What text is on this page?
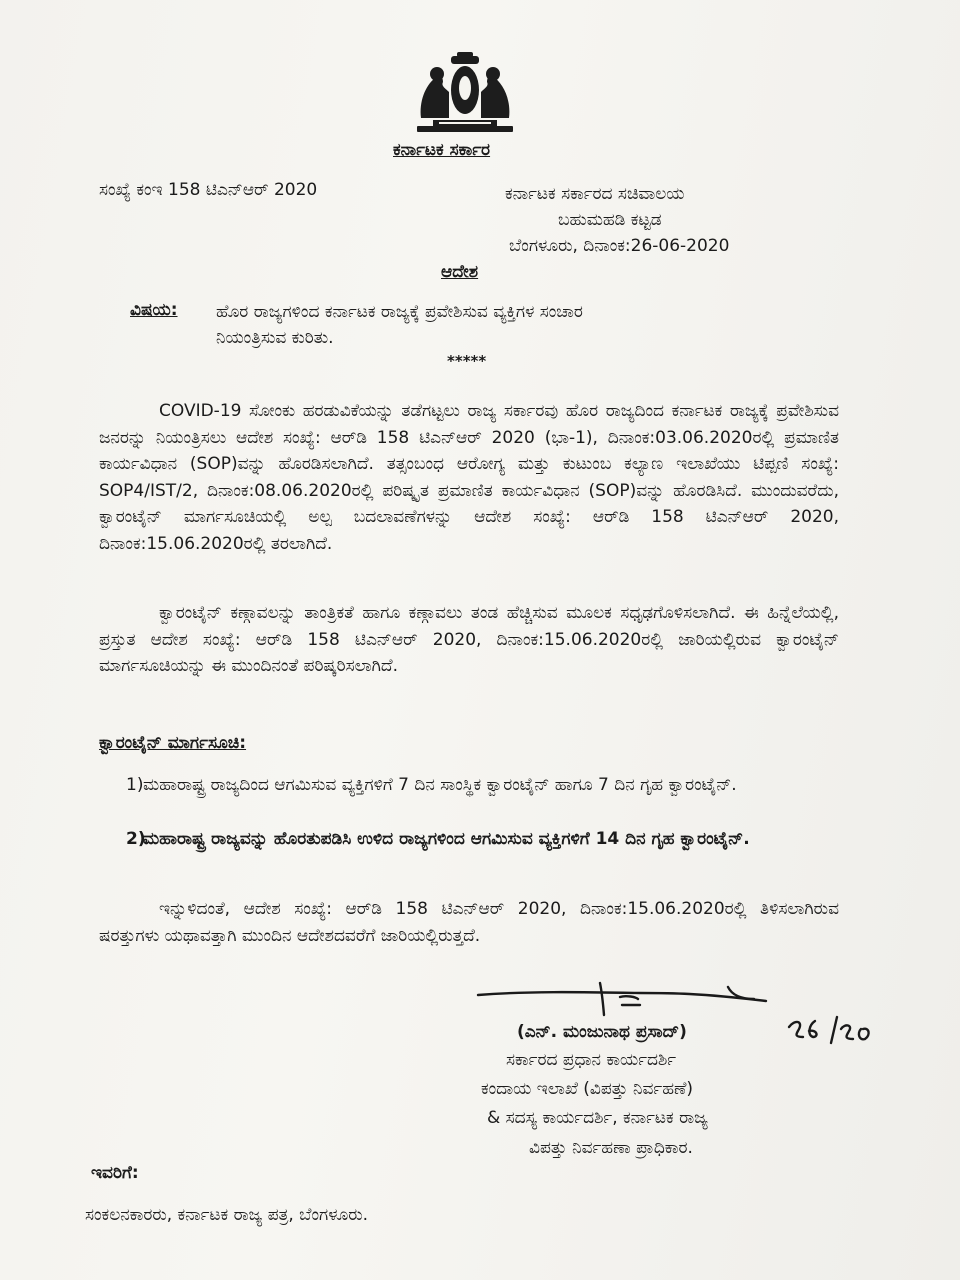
ಕರ್ನಾಟಕ ಸರ್ಕಾರ
ಸಂಖ್ಯೆ ಕಂಇ 158 ಟಿಎನ್‌ಆರ್ 2020	ಕರ್ನಾಟಕ ಸರ್ಕಾರದ ಸಚಿವಾಲಯ
ಬಹುಮಹಡಿ ಕಟ್ಟಡ
ಬೆಂಗಳೂರು, ದಿನಾಂಕ:26-06-2020
ಆದೇಶ
ವಿಷಯ: ಹೊರ ರಾಜ್ಯಗಳಿಂದ ಕರ್ನಾಟಕ ರಾಜ್ಯಕ್ಕೆ ಪ್ರವೇಶಿಸುವ ವ್ಯಕ್ತಿಗಳ ಸಂಚಾರ
ನಿಯಂತ್ರಿಸುವ ಕುರಿತು.
*****

COVID-19 ಸೋಂಕು ಹರಡುವಿಕೆಯನ್ನು ತಡೆಗಟ್ಟಲು ರಾಜ್ಯ ಸರ್ಕಾರವು ಹೊರ ರಾಜ್ಯದಿಂದ ಕರ್ನಾಟಕ ರಾಜ್ಯಕ್ಕೆ ಪ್ರವೇಶಿಸುವ ಜನರನ್ನು ನಿಯಂತ್ರಿಸಲು ಆದೇಶ ಸಂಖ್ಯೆ: ಆರ್‌ಡಿ 158 ಟಿಎನ್‌ಆರ್ 2020 (ಭಾ-1), ದಿನಾಂಕ:03.06.2020ರಲ್ಲಿ ಪ್ರಮಾಣಿತ ಕಾರ್ಯವಿಧಾನ (SOP)ವನ್ನು ಹೊರಡಿಸಲಾಗಿದೆ. ತತ್ಸಂಬಂಧ ಆರೋಗ್ಯ ಮತ್ತು ಕುಟುಂಬ ಕಲ್ಯಾಣ ಇಲಾಖೆಯು ಟಿಪ್ಪಣಿ ಸಂಖ್ಯೆ: SOP4/IST/2, ದಿನಾಂಕ:08.06.2020ರಲ್ಲಿ ಪರಿಷ್ಕೃತ ಪ್ರಮಾಣಿತ ಕಾರ್ಯವಿಧಾನ (SOP)ವನ್ನು ಹೊರಡಿಸಿದೆ. ಮುಂದುವರೆದು, ಕ್ವಾರಂಟೈನ್ ಮಾರ್ಗಸೂಚಿಯಲ್ಲಿ ಅಲ್ಪ ಬದಲಾವಣೆಗಳನ್ನು ಆದೇಶ ಸಂಖ್ಯೆ: ಆರ್‌ಡಿ 158 ಟಿಎನ್‌ಆರ್ 2020, ದಿನಾಂಕ:15.06.2020ರಲ್ಲಿ ತರಲಾಗಿದೆ.

ಕ್ವಾರಂಟೈನ್ ಕಣ್ಗಾವಲನ್ನು ತಾಂತ್ರಿಕತೆ ಹಾಗೂ ಕಣ್ಗಾವಲು ತಂಡ ಹೆಚ್ಚಿಸುವ ಮೂಲಕ ಸಧೃಢಗೊಳಿಸಲಾಗಿದೆ. ಈ ಹಿನ್ನೆಲೆಯಲ್ಲಿ, ಪ್ರಸ್ತುತ ಆದೇಶ ಸಂಖ್ಯೆ: ಆರ್‌ಡಿ 158 ಟಿಎನ್‌ಆರ್ 2020, ದಿನಾಂಕ:15.06.2020ರಲ್ಲಿ ಜಾರಿಯಲ್ಲಿರುವ ಕ್ವಾರಂಟೈನ್ ಮಾರ್ಗಸೂಚಿಯನ್ನು ಈ ಮುಂದಿನಂತೆ ಪರಿಷ್ಕರಿಸಲಾಗಿದೆ.

ಕ್ವಾರಂಟೈನ್ ಮಾರ್ಗಸೂಚಿ:
1) ಮಹಾರಾಷ್ಟ್ರ ರಾಜ್ಯದಿಂದ ಆಗಮಿಸುವ ವ್ಯಕ್ತಿಗಳಿಗೆ 7 ದಿನ ಸಾಂಸ್ಥಿಕ ಕ್ವಾರಂಟೈನ್ ಹಾಗೂ 7 ದಿನ ಗೃಹ ಕ್ವಾರಂಟೈನ್.
2)
ಮಹಾರಾಷ್ಟ್ರ ರಾಜ್ಯವನ್ನು ಹೊರತುಪಡಿಸಿ ಉಳಿದ ರಾಜ್ಯಗಳಿಂದ ಆಗಮಿಸುವ ವ್ಯಕ್ತಿಗಳಿಗೆ 14 ದಿನ ಗೃಹ ಕ್ವಾರಂಟೈನ್.

ಇನ್ನುಳಿದಂತೆ, ಆದೇಶ ಸಂಖ್ಯೆ: ಆರ್‌ಡಿ 158 ಟಿಎನ್‌ಆರ್ 2020, ದಿನಾಂಕ:15.06.2020ರಲ್ಲಿ ತಿಳಿಸಲಾಗಿರುವ ಷರತ್ತುಗಳು ಯಥಾವತ್ತಾಗಿ ಮುಂದಿನ ಆದೇಶದವರೆಗೆ ಜಾರಿಯಲ್ಲಿರುತ್ತದೆ.

(ಎನ್. ಮಂಜುನಾಥ ಪ್ರಸಾದ್)
ಸರ್ಕಾರದ ಪ್ರಧಾನ ಕಾರ್ಯದರ್ಶಿ
ಕಂದಾಯ ಇಲಾಖೆ (ವಿಪತ್ತು ನಿರ್ವಹಣೆ)
& ಸದಸ್ಯ ಕಾರ್ಯದರ್ಶಿ, ಕರ್ನಾಟಕ ರಾಜ್ಯ
ವಿಪತ್ತು ನಿರ್ವಹಣಾ ಪ್ರಾಧಿಕಾರ.
ಇವರಿಗೆ:
ಸಂಕಲನಕಾರರು, ಕರ್ನಾಟಕ ರಾಜ್ಯ ಪತ್ರ, ಬೆಂಗಳೂರು.
